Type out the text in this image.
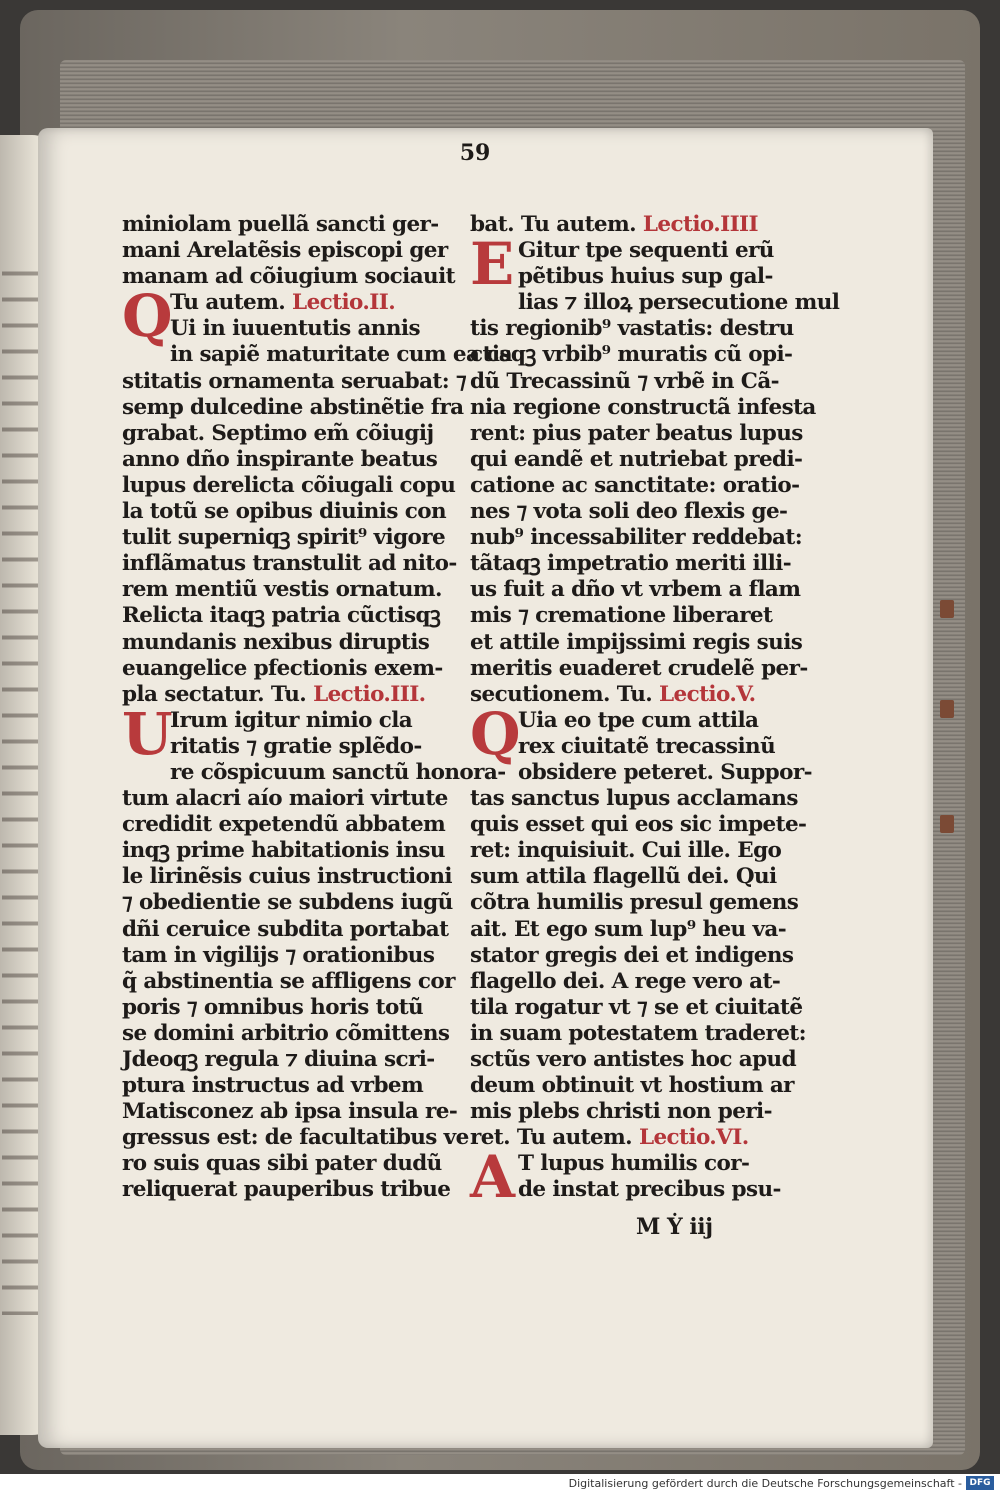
59
miniolam puellã sancti ger-
mani Arelatẽsis episcopi ger
manam ad cõiugium sociauit
Q
Tu autem. Lectio.II.
Ui in iuuentutis annis
in sapiẽ maturitate cum ea ca
stitatis ornamenta seruabat: ⁊
semp dulcedine abstinẽtie fra
grabat. Septimo em̃ cõiugij
anno dño inspirante beatus
lupus derelicta cõiugali copu
la totũ se opibus diuinis con
tulit superniqꝫ spirit⁹ vigore
inflãmatus transtulit ad nito-
rem mentiũ vestis ornatum.
Relicta itaqꝫ patria cũctisqꝫ
mundanis nexibus diruptis
euangelice pfectionis exem-
pla sectatur. Tu. Lectio.III.
U
Irum igitur nimio cla
ritatis ⁊ gratie splẽdo-
re cõspicuum sanctũ honora-
tum alacri aío maiori virtute
credidit expetendũ abbatem
inqꝫ prime habitationis insu
le lirinẽsis cuius instructioni
⁊ obedientie se subdens iugũ
dñi ceruice subdita portabat
tam in vigilijs ⁊ orationibus
q̃ abstinentia se affligens cor
poris ⁊ omnibus horis totũ
se domini arbitrio cõmittens
Jdeoqꝫ regula ⁊ diuina scri-
ptura instructus ad vrbem
Matisconez ab ipsa insula re-
gressus est: de facultatibus ve
ro suis quas sibi pater dudũ
reliquerat pauperibus tribue
bat. Tu autem. Lectio.IIII
E Gitur tpe sequenti erũ
pẽtibus huius sup gal-
lias ⁊ illoꝝ persecutione mul
tis regionib⁹ vastatis: destru
ctisqꝫ vrbib⁹ muratis cũ opi-
dũ Trecassinũ ⁊ vrbẽ in Cã-
nia regione constructã infesta
rent: pius pater beatus lupus
qui eandẽ et nutriebat predi-
catione ac sanctitate: oratio-
nes ⁊ vota soli deo flexis ge-
nub⁹ incessabiliter reddebat:
tãtaqꝫ impetratio meriti illi-
us fuit a dño vt vrbem a flam
mis ⁊ crematione liberaret
et attile impijssimi regis suis
meritis euaderet crudelẽ per-
secutionem. Tu. Lectio.V.
Q
Uia eo tpe cum attila
rex ciuitatẽ trecassinũ
obsidere peteret. Suppor-
tas sanctus lupus acclamans
quis esset qui eos sic impete-
ret: inquisiuit. Cui ille. Ego
sum attila flagellũ dei. Qui
cõtra humilis presul gemens
ait. Et ego sum lup⁹ heu va-
stator gregis dei et indigens
flagello dei. A rege vero at-
tila rogatur vt ⁊ se et ciuitatẽ
in suam potestatem traderet:
sctũs vero antistes hoc apud
deum obtinuit vt hostium ar
mis plebs christi non peri-
ret. Tu autem. Lectio.VI.
A T lupus humilis cor-
de instat precibus psu-
M Ẏ iij
Digitalisierung gefördert durch die Deutsche Forschungsgemeinschaft - DFG
